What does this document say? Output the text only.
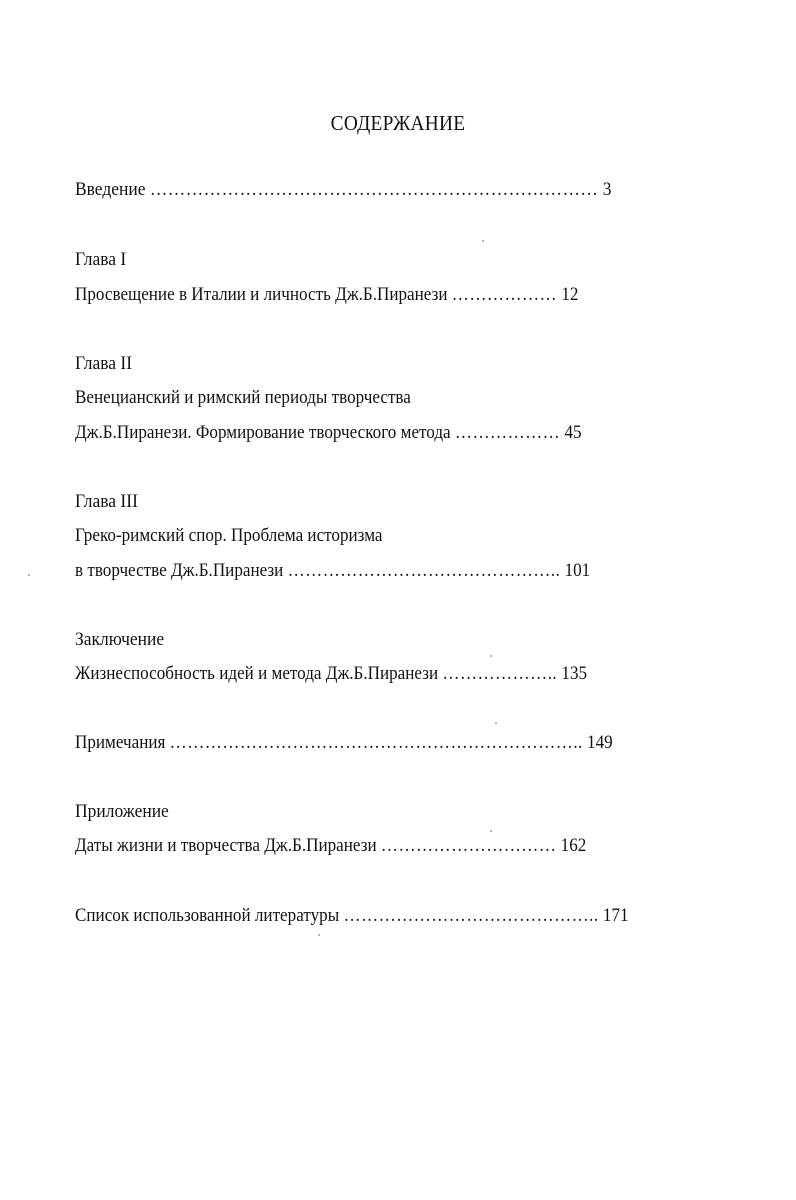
СОДЕРЖАНИЕ
Введение ………………………………………………………………… 3
Глава I
Просвещение в Италии и личность Дж.Б.Пиранези ……………… 12
Глава II
Венецианский и римский периоды творчества
Дж.Б.Пиранези. Формирование творческого метода ……………… 45
Глава III
Греко-римский спор. Проблема историзма
в творчестве Дж.Б.Пиранези ……………………………………….. 101
Заключение
Жизнеспособность идей и метода Дж.Б.Пиранези ……………….. 135
Примечания …………………………………………………………….. 149
Приложение
Даты жизни и творчества Дж.Б.Пиранези ………………………… 162
Список использованной литературы …………………………………….. 171
